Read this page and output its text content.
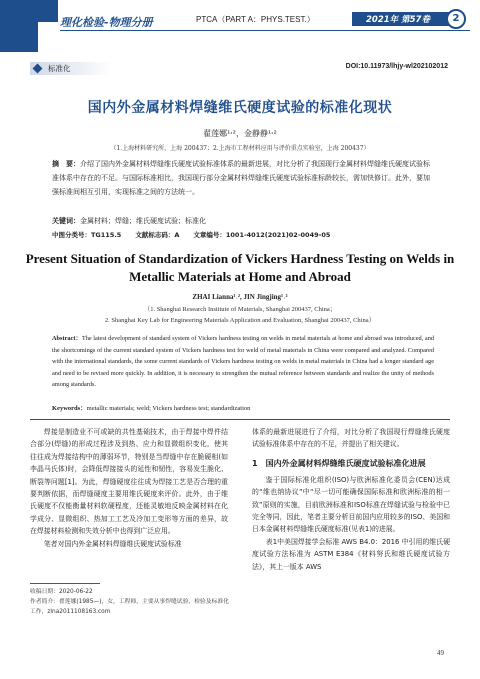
理化检验-物理分册	PTCA（PART A：PHYS.TEST.）	2021年 第57卷	2
标准化	DOI:10.11973/lhjy-wl202102012
国内外金属材料焊缝维氏硬度试验的标准化现状
翟莲娜¹˒²，金静静¹˒²
（1.上海材料研究所，上海 200437；2.上海市工程材料应用与评价重点实验室，上海 200437）
摘　要：介绍了国内外金属材料焊缝维氏硬度试验标准体系的最新进展，对比分析了我国现行金属材料焊缝维氏硬度试验标准体系中存在的不足。与国际标准相比，我国现行部分金属材料焊缝维氏硬度试验标准标龄较长，需加快修订。此外，要加强标准间相互引用，实现标准之间的方法统一。
关键词：金属材料；焊缝；维氏硬度试验；标准化
中图分类号：TG115.5 文献标志码：A 文章编号：1001-4012(2021)02-0049-05
Present Situation of Standardization of Vickers Hardness Testing on Welds in
Metallic Materials at Home and Abroad
ZHAI Lianna¹˒², JIN Jingjing¹˒²
（1. Shanghai Research Institute of Materials, Shanghai 200437, China；
2. Shanghai Key Lab for Engineering Materials Application and Evaluation, Shanghai 200437, China）
Abstract：The latest development of standard system of Vickers hardness testing on welds in metal materials at home and abroad was introduced, and the shortcomings of the current standard system of Vickers hardness test for weld of metal materials in China were compared and analyzed. Compared with the international standards, the some current standards of Vickers hardness testing on welds in metal materials in China had a longer standard age and need to be revised more quickly. In addition, it is necessary to strengthen the mutual reference between standards and realize the unity of methods among standards.
Keywords：metallic materials; weld; Vickers hardness test; standardization

焊接是制造业不可或缺的共性基础技术，由于焊接中焊件结合部分(焊缝)的形成过程涉及到热、应力和显微组织变化，使其往往成为焊接结构中的薄弱环节，特别是当焊缝中存在脆硬相(如李晶马氏体)时，会降低焊接接头的延性和韧性，容易发生脆化、断裂等问题[1]。为此，焊缝硬度往往成为焊接工艺是否合理的重要判断依据，而焊缝硬度主要用维氏硬度来评价。此外，由于维氏硬度不仅能衡量材料软硬程度，还能灵敏地反映金属材料在化学成分、显微组织、热加工工艺及冷加工变形等方面的差异，故在焊接材料检测和失效分析中也得到广泛应用。

笔者对国内外金属材料焊缝维氏硬度试验标准

体系的最新进展进行了介绍，对比分析了我国现行焊缝维氏硬度试验标准体系中存在的不足，并提出了相关建议。

1　国内外金属材料焊缝维氏硬度试验标准化进展

鉴于国际标准化组织(ISO)与欧洲标准化委员会(CEN)达成的“维也纳协议”中“尽一切可能确保国际标准和欧洲标准的相一致”原则的实施，目前欧洲标准和ISO标准在焊缝试验与检验中已完全等同，因此，笔者主要分析目前国内应用较多的ISO、美国和日本金属材料焊缝维氏硬度标准(见表1)的进展。

表1中美国焊接学会标准 AWS B4.0：2016 中引用的维氏硬度试验方法标准为 ASTM E384《材料努氏和维氏硬度试验方法》，其上一版本 AWS

收稿日期：2020-06-22
作者简介：翟莲娜(1985—)，女，工程师，主要从事焊缝试验、检验及标准化工作，zlna2011108163.com
49
